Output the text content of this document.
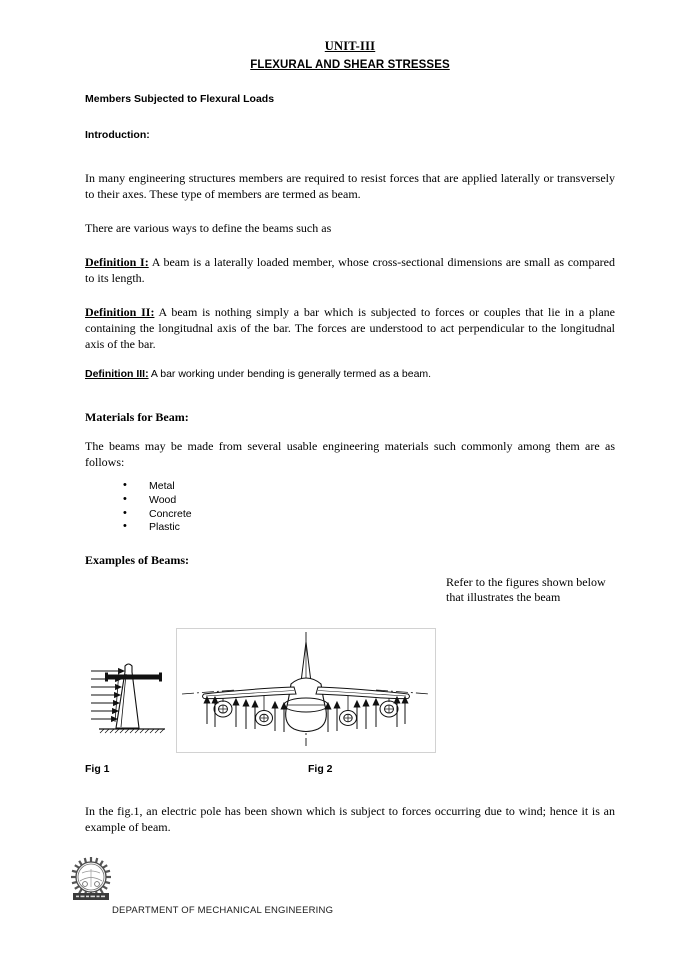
UNIT-III
FLEXURAL AND SHEAR STRESSES
Members Subjected to Flexural Loads
Introduction:

In many engineering structures members are required to resist forces that are applied laterally or transversely to their axes. These type of members are termed as beam.

There are various ways to define the beams such as

Definition I: A beam is a laterally loaded member, whose cross-sectional dimensions are small as compared to its length.

Definition II: A beam is nothing simply a bar which is subjected to forces or couples that lie in a plane containing the longitudnal axis of the bar. The forces are understood to act perpendicular to the longitudnal axis of the bar.

Definition III: A bar working under bending is generally termed as a beam.

Materials for Beam:

The beams may be made from several usable engineering materials such commonly among them are as follows:

• Metal
• Wood
• Concrete
• Plastic
Examples of Beams:
Refer to the figures shown below that illustrates the beam
Fig 1	Fig 2
In the fig.1, an electric pole has been shown which is subject to forces occurring due to wind; hence it is an example of beam.
DEPARTMENT OF MECHANICAL ENGINEERING
